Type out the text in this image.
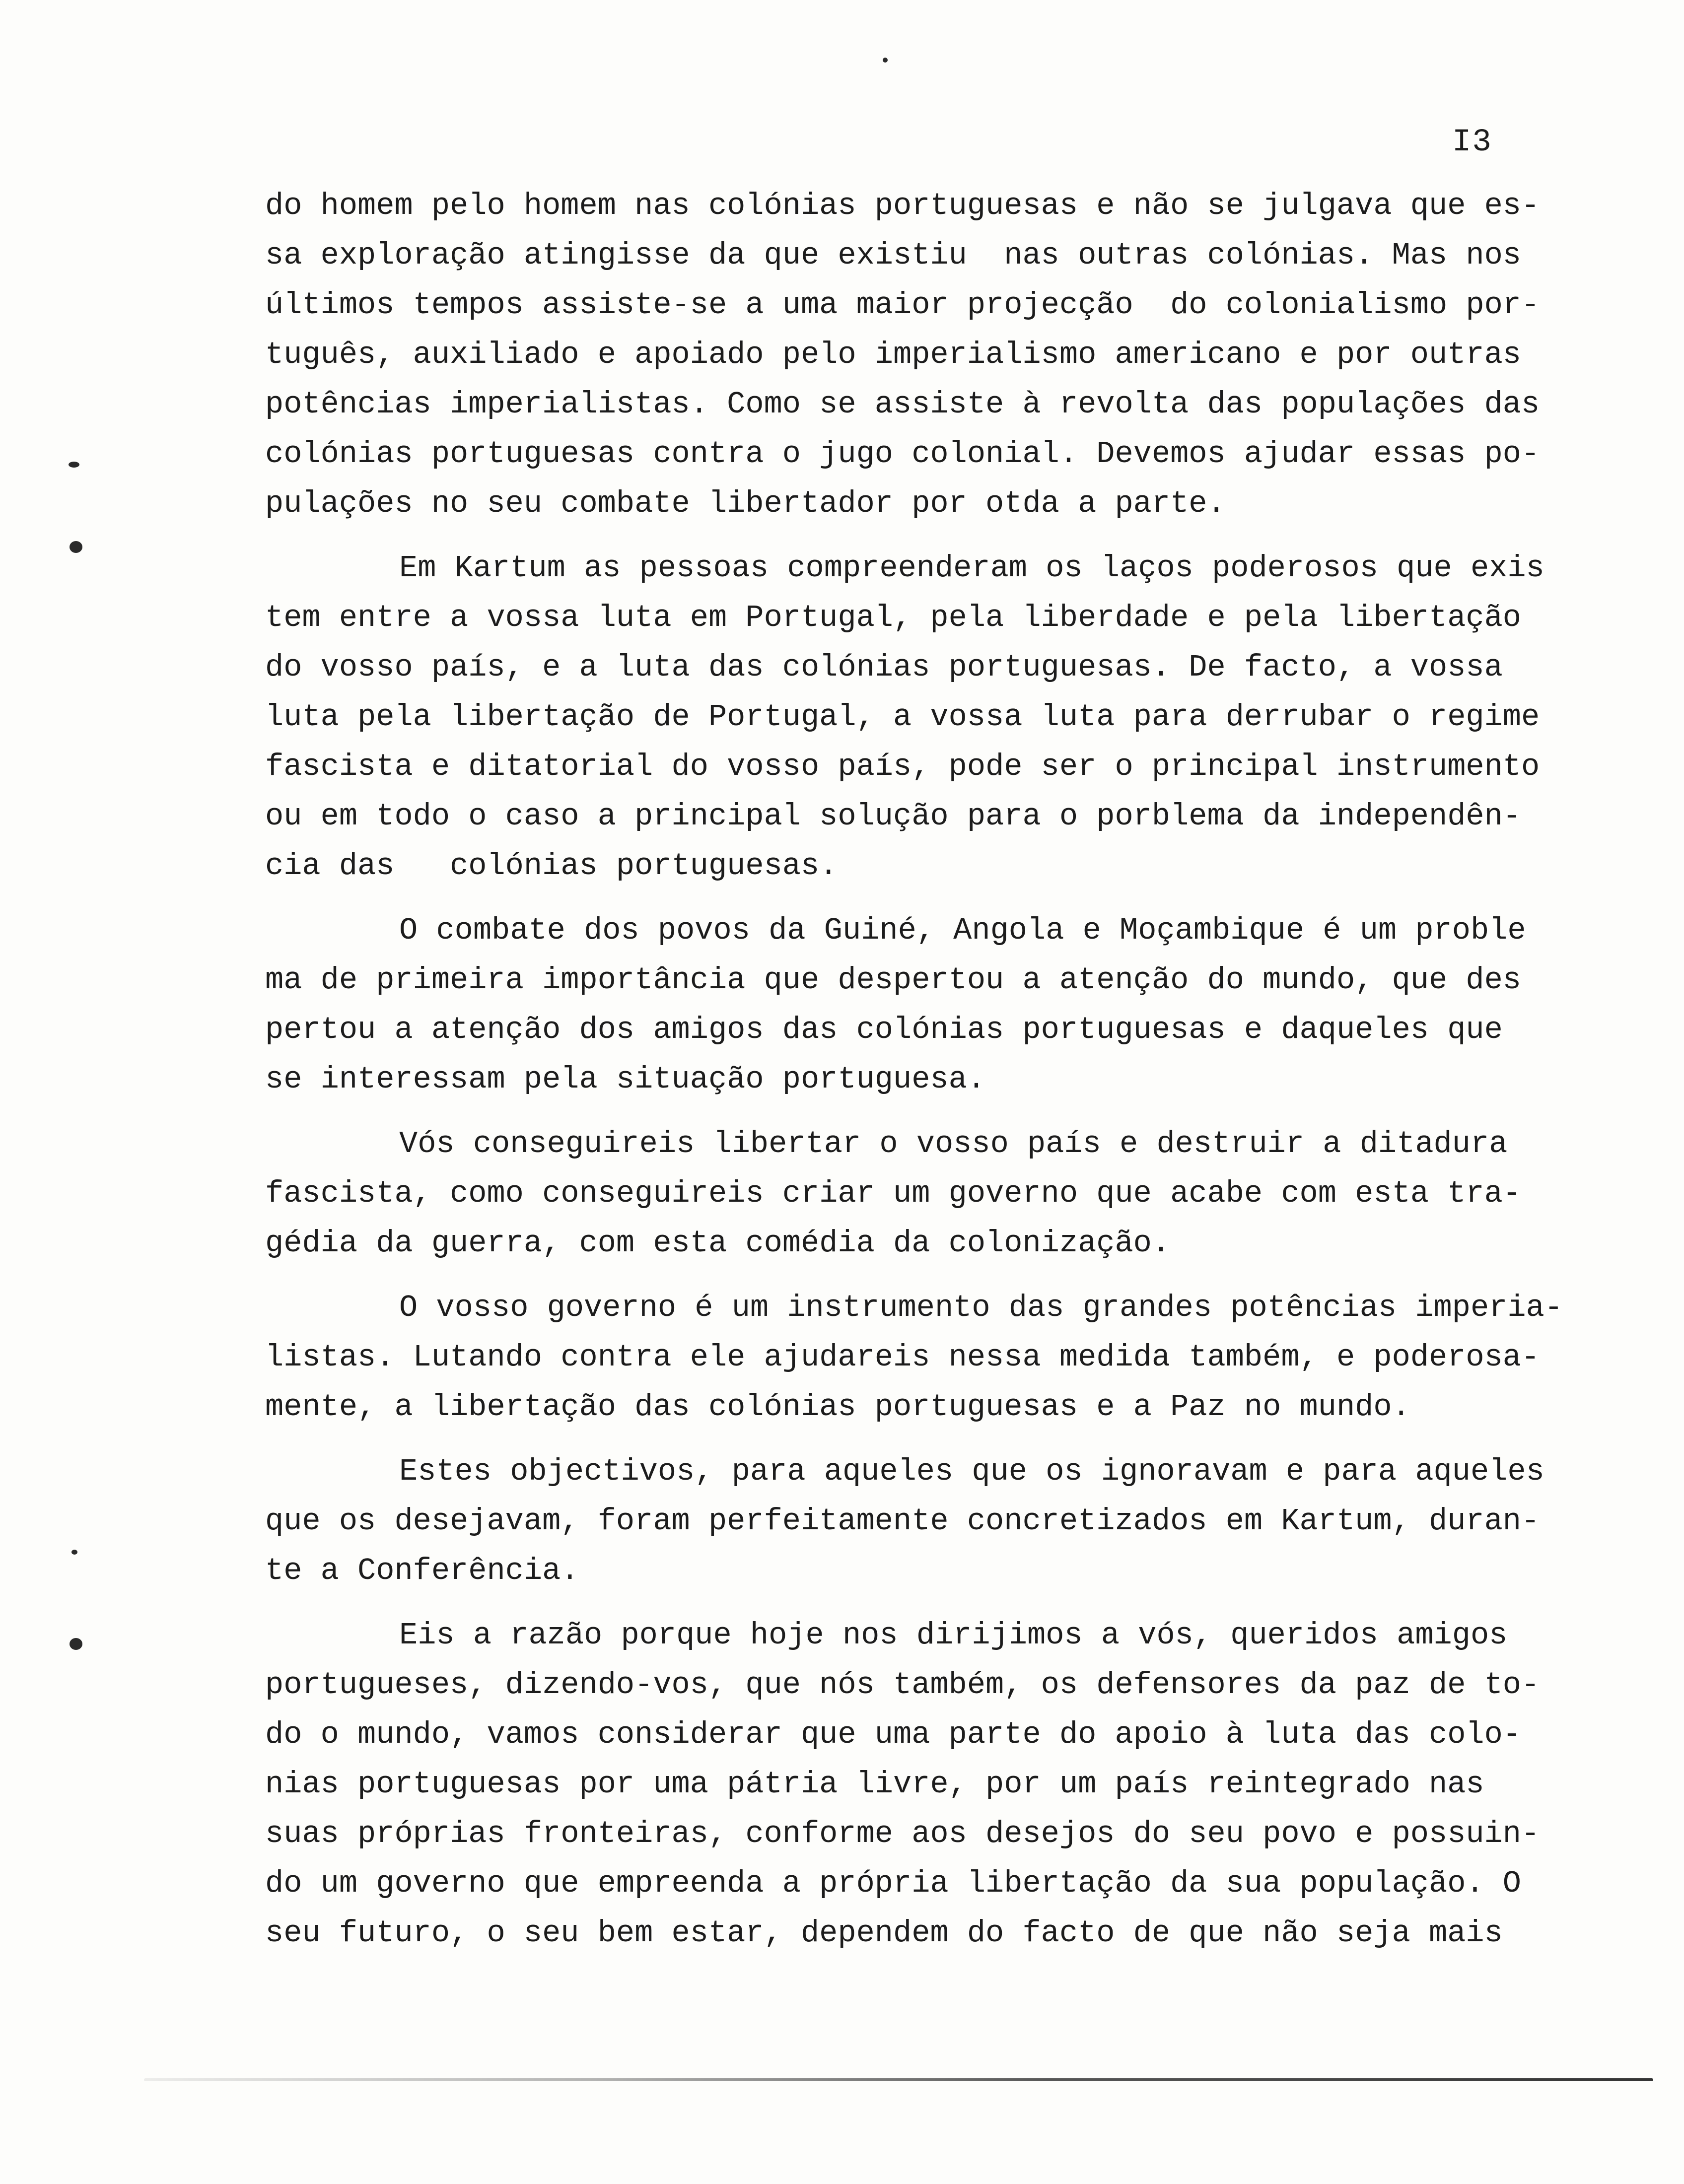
I3
do homem pelo homem nas colónias portuguesas e não se julgava que es-
sa exploração atingisse da que existiu  nas outras colónias. Mas nos
últimos tempos assiste-se a uma maior projecção  do colonialismo por-
tuguês, auxiliado e apoiado pelo imperialismo americano e por outras
potências imperialistas. Como se assiste à revolta das populações das
colónias portuguesas contra o jugo colonial. Devemos ajudar essas po-
pulações no seu combate libertador por otda a parte.
Em Kartum as pessoas compreenderam os laços poderosos que exis
tem entre a vossa luta em Portugal, pela liberdade e pela libertação
do vosso país, e a luta das colónias portuguesas. De facto, a vossa
luta pela libertação de Portugal, a vossa luta para derrubar o regime
fascista e ditatorial do vosso país, pode ser o principal instrumento
ou em todo o caso a principal solução para o porblema da independên-
cia das   colónias portuguesas.
O combate dos povos da Guiné, Angola e Moçambique é um proble
ma de primeira importância que despertou a atenção do mundo, que des
pertou a atenção dos amigos das colónias portuguesas e daqueles que
se interessam pela situação portuguesa.
Vós conseguireis libertar o vosso país e destruir a ditadura
fascista, como conseguireis criar um governo que acabe com esta tra-
gédia da guerra, com esta comédia da colonização.
O vosso governo é um instrumento das grandes potências imperia-
listas. Lutando contra ele ajudareis nessa medida também, e poderosa-
mente, a libertação das colónias portuguesas e a Paz no mundo.
Estes objectivos, para aqueles que os ignoravam e para aqueles
que os desejavam, foram perfeitamente concretizados em Kartum, duran-
te a Conferência.
Eis a razão porque hoje nos dirijimos a vós, queridos amigos
portugueses, dizendo-vos, que nós também, os defensores da paz de to-
do o mundo, vamos considerar que uma parte do apoio à luta das colo-
nias portuguesas por uma pátria livre, por um país reintegrado nas
suas próprias fronteiras, conforme aos desejos do seu povo e possuin-
do um governo que empreenda a própria libertação da sua população. O
seu futuro, o seu bem estar, dependem do facto de que não seja mais
